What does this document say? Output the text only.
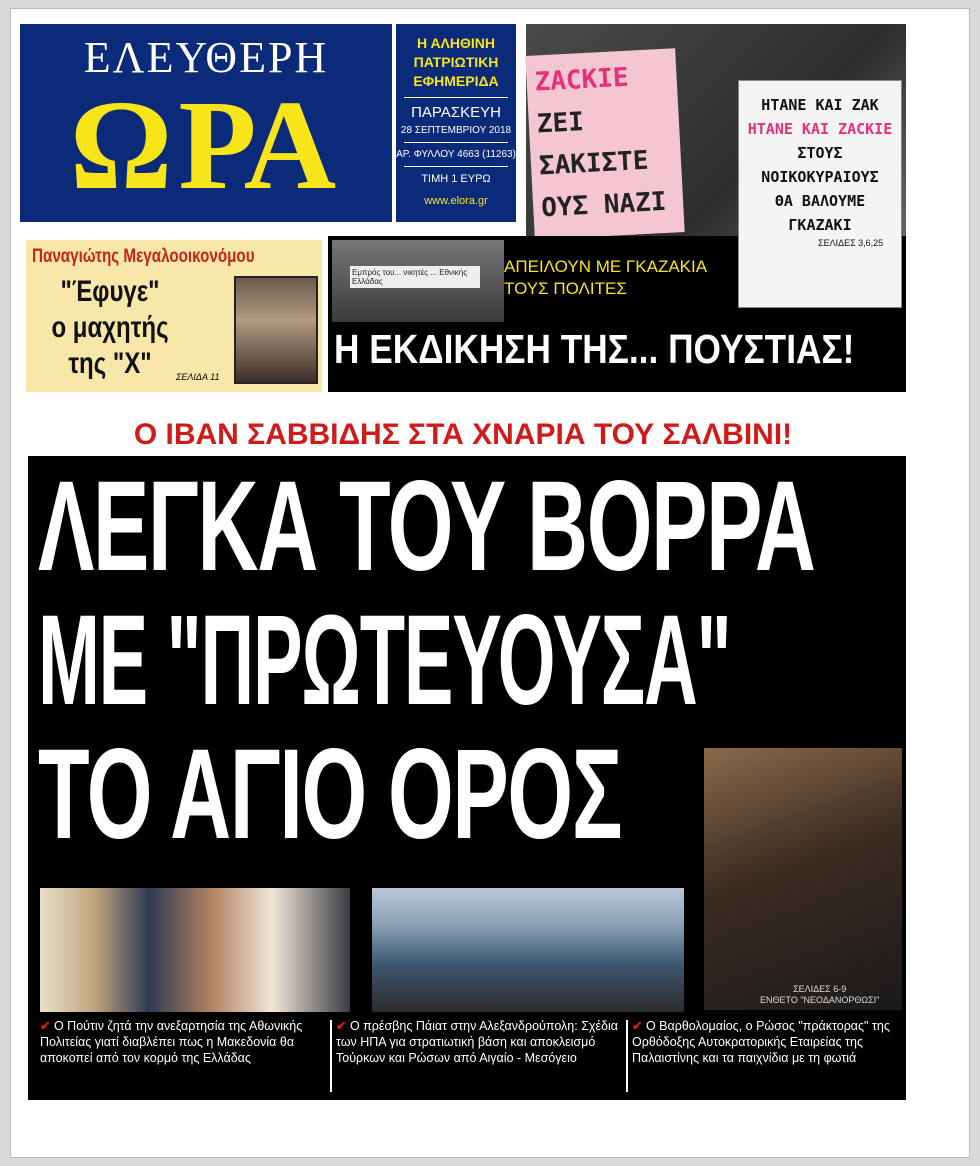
ΕΛΕΥΘΕΡΗ
ΩΡΑ
Η ΑΛΗΘΙΝΗ
ΠΑΤΡΙΩΤΙΚΗ
ΕΦΗΜΕΡΙΔΑ
ΠΑΡΑΣΚΕΥΗ
28 ΣΕΠΤΕΜΒΡΙΟΥ 2018
ΑΡ. ΦΥΛΛΟΥ 4663 (11263)
ΤΙΜΗ 1 ΕΥΡΩ
www.elora.gr
ZACKIE
ΖΕΙ
ΣΑΚΙΣΤΕ
ΟΥΣ ΝΑΖΙ
Εμπρός του... νικητές ... Εθνικής Ελλάδας
ΑΠΕΙΛΟΥΝ ΜΕ ΓΚΑΖΑΚΙΑ
ΤΟΥΣ ΠΟΛΙΤΕΣ
ΗΤΑΝΕ ΚΑΙ ΖΑΚ
ΗΤΑΝΕ ΚΑΙ ZACKIE
ΣΤΟΥΣ
ΝΟΙΚΟΚΥΡΑΙΟΥΣ
ΘΑ ΒΑΛΟΥΜΕ
ΓΚΑΖΑΚΙ
ΣΕΛΙΔΕΣ 3,6,25
Η ΕΚΔΙΚΗΣΗ ΤΗΣ... ΠΟΥΣΤΙΑΣ!
Παναγιώτης Μεγαλοοικονόμου
"Έφυγε"
ο μαχητής
της "Χ"	ΣΕΛΙΔΑ 11
Ο ΙΒΑΝ ΣΑΒΒΙΔΗΣ ΣΤΑ ΧΝΑΡΙΑ ΤΟΥ ΣΑΛΒΙΝΙ!
ΛΕΓΚΑ ΤΟΥ ΒΟΡΡΑ
ΜΕ "ΠΡΩΤΕΥΟΥΣΑ"
ΤΟ ΑΓΙΟ ΟΡΟΣ
ΣΕΛΙΔΕΣ 6-9
ΕΝΘΕΤΟ "ΝΕΟΔΑΝΟΡΘΩΣΙ"
✔ Ο Πούτιν ζητά την ανεξαρτησία της Αθωνικής Πολιτείας γιατί διαβλέπει πως η Μακεδονία θα αποκοπεί από τον κορμό της Ελλάδας
✔ Ο πρέσβης Πάιατ στην Αλεξανδρούπολη: Σχέδια των ΗΠΑ για στρατιωτική βάση και αποκλεισμό Τούρκων και Ρώσων από Αιγαίο - Μεσόγειο
✔ Ο Βαρθολομαίος, ο Ρώσος "πράκτορας" της Ορθόδοξης Αυτοκρατορικής Εταιρείας της Παλαιστίνης και τα παιχνίδια με τη φωτιά
